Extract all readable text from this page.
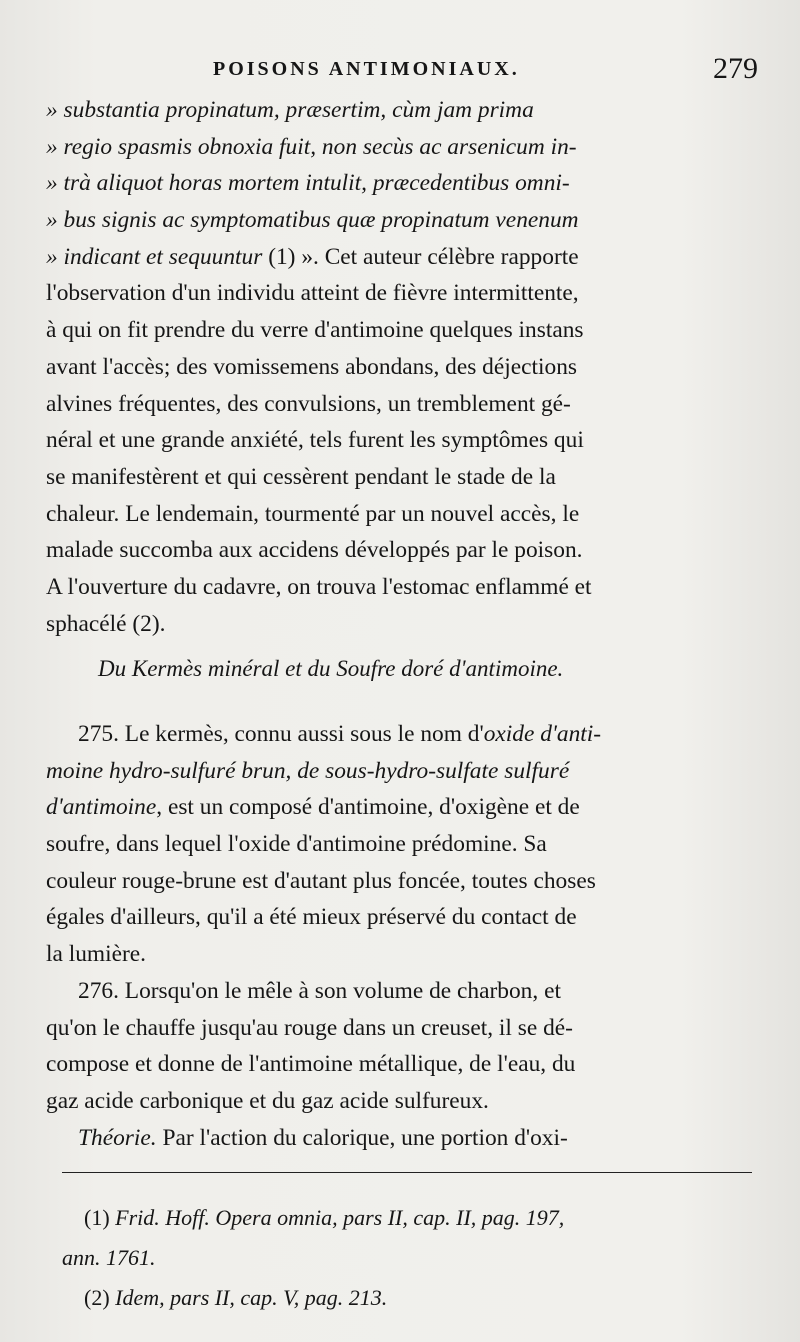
POISONS ANTIMONIAUX.	279
» substantia propinatum, præsertim, cùm jam prima
» regio spasmis obnoxia fuit, non secùs ac arsenicum in-
» trà aliquot horas mortem intulit, præcedentibus omni-
» bus signis ac symptomatibus quæ propinatum venenum
» indicant et sequuntur (1) ». Cet auteur célèbre rapporte
l'observation d'un individu atteint de fièvre intermittente,
à qui on fit prendre du verre d'antimoine quelques instans
avant l'accès; des vomissemens abondans, des déjections
alvines fréquentes, des convulsions, un tremblement gé-
néral et une grande anxiété, tels furent les symptômes qui
se manifestèrent et qui cessèrent pendant le stade de la
chaleur. Le lendemain, tourmenté par un nouvel accès, le
malade succomba aux accidens développés par le poison.
A l'ouverture du cadavre, on trouva l'estomac enflammé et
sphacélé (2).
Du Kermès minéral et du Soufre doré d'antimoine.
275. Le kermès, connu aussi sous le nom d'oxide d'anti-
moine hydro-sulfuré brun, de sous-hydro-sulfate sulfuré
d'antimoine, est un composé d'antimoine, d'oxigène et de
soufre, dans lequel l'oxide d'antimoine prédomine. Sa
couleur rouge-brune est d'autant plus foncée, toutes choses
égales d'ailleurs, qu'il a été mieux préservé du contact de
la lumière.
276. Lorsqu'on le mêle à son volume de charbon, et
qu'on le chauffe jusqu'au rouge dans un creuset, il se dé-
compose et donne de l'antimoine métallique, de l'eau, du
gaz acide carbonique et du gaz acide sulfureux.
Théorie. Par l'action du calorique, une portion d'oxi-
(1) Frid. Hoff. Opera omnia, pars II, cap. II, pag. 197,
ann. 1761.
(2) Idem, pars II, cap. V, pag. 213.
